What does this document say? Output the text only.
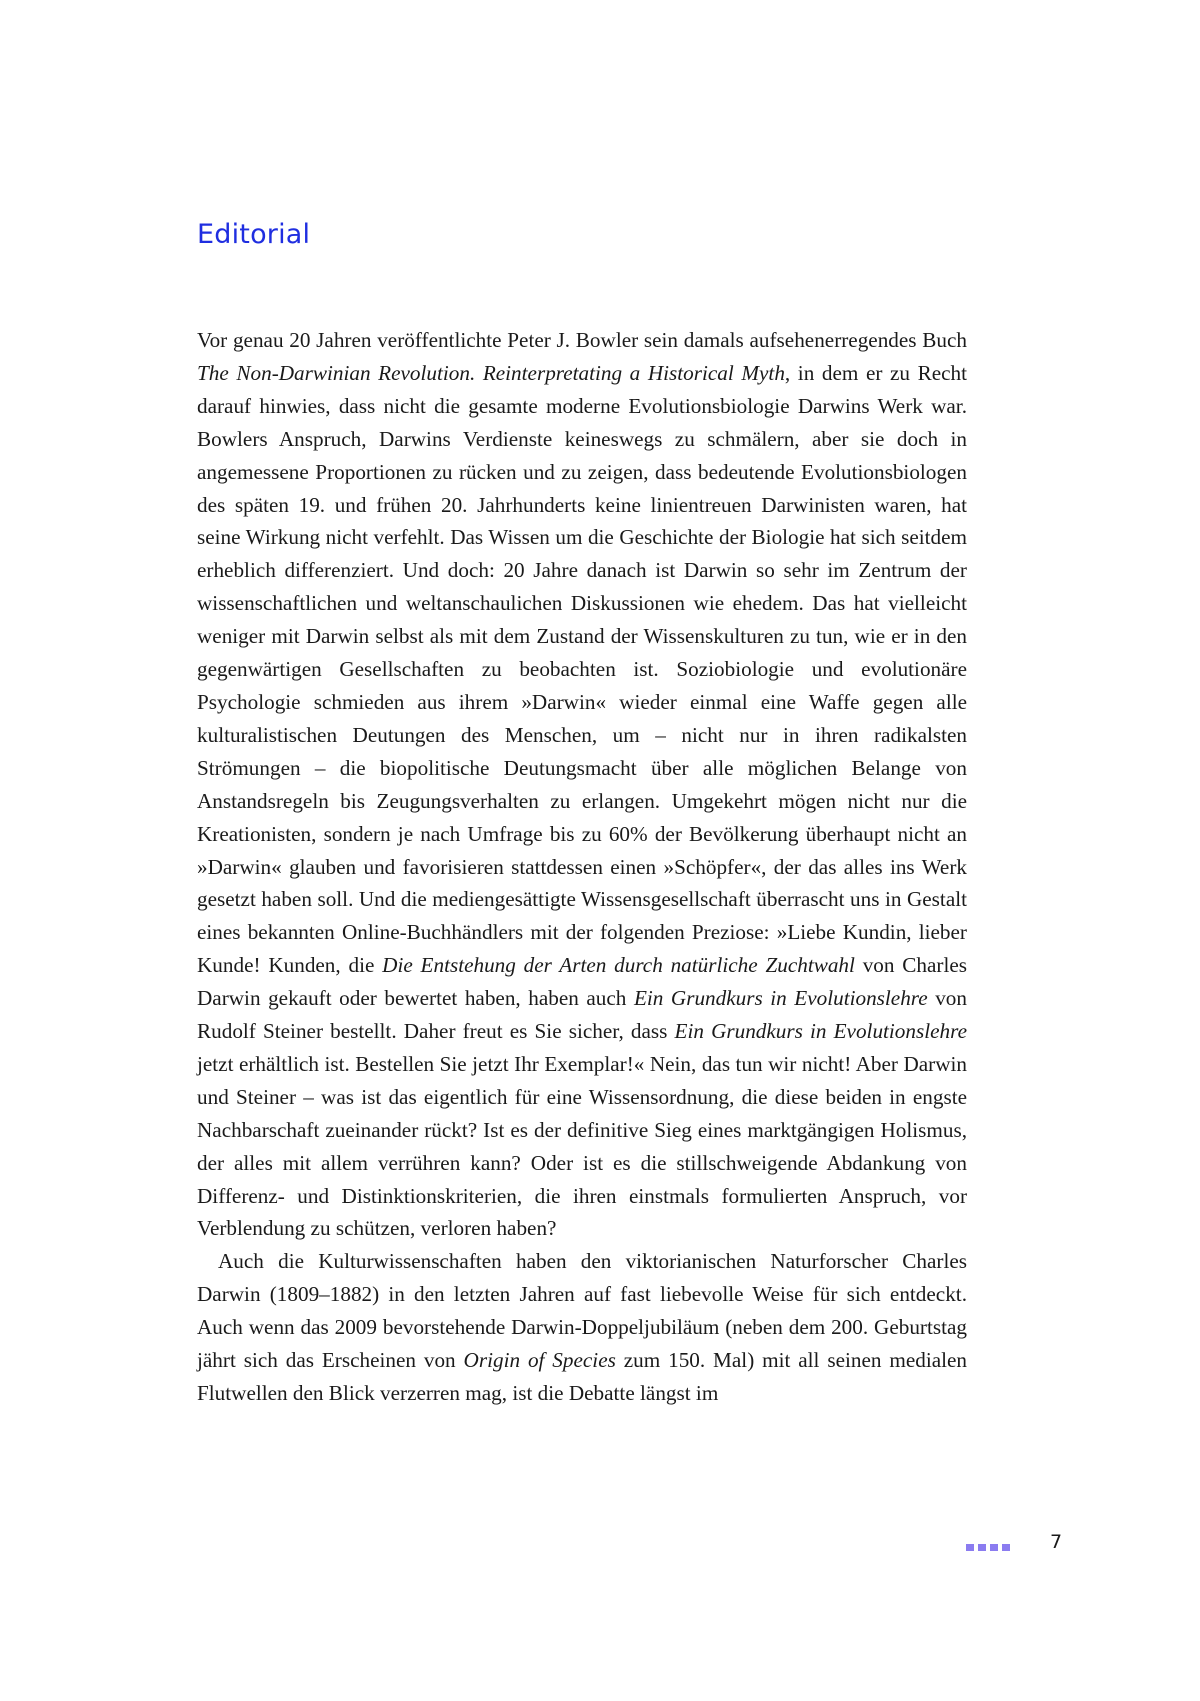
Editorial

Vor genau 20 Jahren veröffentlichte Peter J. Bowler sein damals aufsehenerregendes Buch The Non-Darwinian Revolution. Reinterpretating a Historical Myth, in dem er zu Recht darauf hinwies, dass nicht die gesamte moderne Evolutionsbiologie Darwins Werk war. Bowlers Anspruch, Darwins Verdienste keineswegs zu schmälern, aber sie doch in angemessene Proportionen zu rücken und zu zeigen, dass bedeutende Evolutionsbiologen des späten 19. und frühen 20. Jahrhunderts keine linientreuen Darwinisten waren, hat seine Wirkung nicht verfehlt. Das Wissen um die Geschichte der Biologie hat sich seitdem erheblich differenziert. Und doch: 20 Jahre danach ist Darwin so sehr im Zentrum der wissenschaftlichen und weltanschaulichen Diskussionen wie ehedem. Das hat vielleicht weniger mit Darwin selbst als mit dem Zustand der Wissenskulturen zu tun, wie er in den gegenwärtigen Gesellschaften zu beobachten ist. Soziobiologie und evolutionäre Psychologie schmieden aus ihrem »Darwin« wieder einmal eine Waffe gegen alle kulturalistischen Deutungen des Menschen, um – nicht nur in ihren radikalsten Strömungen – die biopolitische Deutungsmacht über alle möglichen Belange von Anstandsregeln bis Zeugungsverhalten zu erlangen. Umgekehrt mögen nicht nur die Kreationisten, sondern je nach Umfrage bis zu 60% der Bevölkerung überhaupt nicht an »Darwin« glauben und favorisieren stattdessen einen »Schöpfer«, der das alles ins Werk gesetzt haben soll. Und die mediengesättigte Wissensgesellschaft überrascht uns in Gestalt eines bekannten Online-Buchhändlers mit der folgenden Preziose: »Liebe Kundin, lieber Kunde! Kunden, die Die Entstehung der Arten durch natürliche Zuchtwahl von Charles Darwin gekauft oder bewertet haben, haben auch Ein Grundkurs in Evolutionslehre von Rudolf Steiner bestellt. Daher freut es Sie sicher, dass Ein Grundkurs in Evolutionslehre jetzt erhältlich ist. Bestellen Sie jetzt Ihr Exemplar!« Nein, das tun wir nicht! Aber Darwin und Steiner – was ist das eigentlich für eine Wissensordnung, die diese beiden in engste Nachbarschaft zueinander rückt? Ist es der definitive Sieg eines marktgängigen Holismus, der alles mit allem verrühren kann? Oder ist es die stillschweigende Abdankung von Differenz- und Distinktionskriterien, die ihren einstmals formulierten Anspruch, vor Verblendung zu schützen, verloren haben?

Auch die Kulturwissenschaften haben den viktorianischen Naturforscher Charles Darwin (1809–1882) in den letzten Jahren auf fast liebevolle Weise für sich entdeckt. Auch wenn das 2009 bevorstehende Darwin-Doppeljubiläum (neben dem 200. Geburtstag jährt sich das Erscheinen von Origin of Species zum 150. Mal) mit all seinen medialen Flutwellen den Blick verzerren mag, ist die Debatte längst im

7
